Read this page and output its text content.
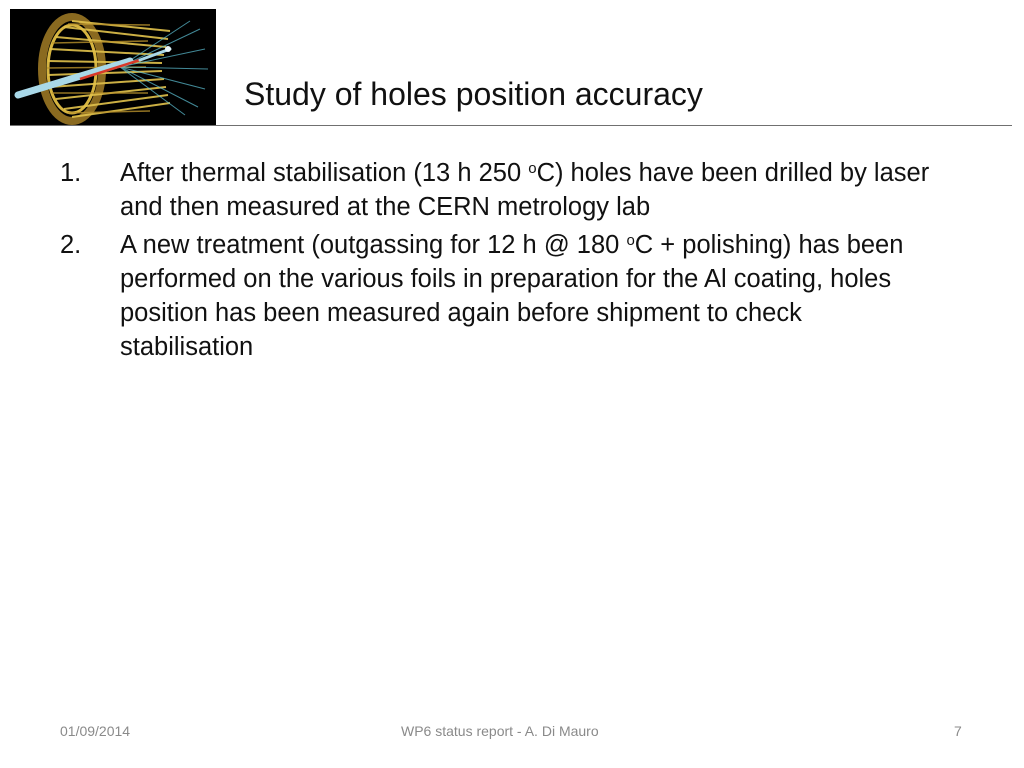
Study of holes position accuracy
1. After thermal stabilisation (13 h 250 $^o$C) holes have been drilled by laser and then measured at the CERN metrology lab
2. A new treatment (outgassing for 12 h @ 180 $^o$C + polishing) has been performed on the various foils in preparation for the Al coating, holes position has been measured again before shipment to check stabilisation
01/09/2014	WP6 status report - A. Di Mauro	7
